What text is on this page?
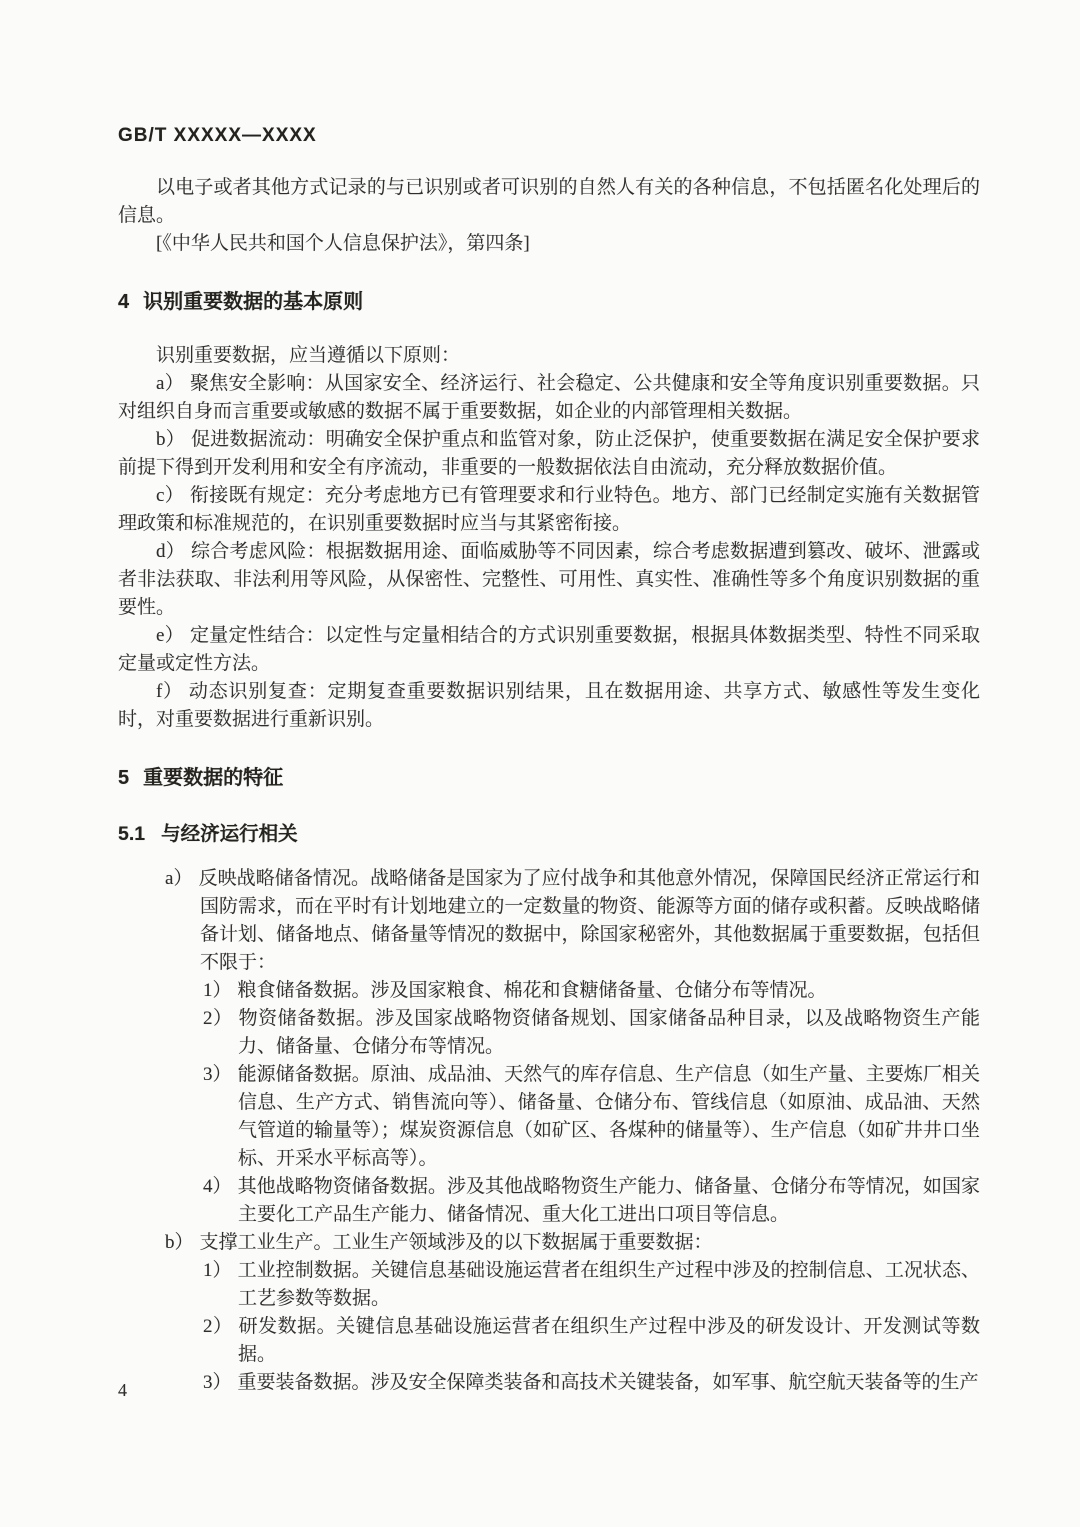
GB/T XXXXX—XXXX

以电子或者其他方式记录的与已识别或者可识别的自然人有关的各种信息，不包括匿名化处理后的信息。

[《中华人民共和国个人信息保护法》，第四条]

4 识别重要数据的基本原则

识别重要数据，应当遵循以下原则：

a） 聚焦安全影响：从国家安全、经济运行、社会稳定、公共健康和安全等角度识别重要数据。只对组织自身而言重要或敏感的数据不属于重要数据，如企业的内部管理相关数据。

b） 促进数据流动：明确安全保护重点和监管对象，防止泛保护，使重要数据在满足安全保护要求前提下得到开发利用和安全有序流动，非重要的一般数据依法自由流动，充分释放数据价值。

c） 衔接既有规定：充分考虑地方已有管理要求和行业特色。地方、部门已经制定实施有关数据管理政策和标准规范的，在识别重要数据时应当与其紧密衔接。

d） 综合考虑风险：根据数据用途、面临威胁等不同因素，综合考虑数据遭到篡改、破坏、泄露或者非法获取、非法利用等风险，从保密性、完整性、可用性、真实性、准确性等多个角度识别数据的重要性。

e） 定量定性结合：以定性与定量相结合的方式识别重要数据，根据具体数据类型、特性不同采取定量或定性方法。

f） 动态识别复查：定期复查重要数据识别结果，且在数据用途、共享方式、敏感性等发生变化时，对重要数据进行重新识别。

5 重要数据的特征
5.1 与经济运行相关
a） 反映战略储备情况。战略储备是国家为了应付战争和其他意外情况，保障国民经济正常运行和国防需求，而在平时有计划地建立的一定数量的物资、能源等方面的储存或积蓄。反映战略储备计划、储备地点、储备量等情况的数据中，除国家秘密外，其他数据属于重要数据，包括但不限于：
1） 粮食储备数据。涉及国家粮食、棉花和食糖储备量、仓储分布等情况。
2） 物资储备数据。涉及国家战略物资储备规划、国家储备品种目录，以及战略物资生产能力、储备量、仓储分布等情况。
3） 能源储备数据。原油、成品油、天然气的库存信息、生产信息（如生产量、主要炼厂相关信息、生产方式、销售流向等）、储备量、仓储分布、管线信息（如原油、成品油、天然气管道的输量等）；煤炭资源信息（如矿区、各煤种的储量等）、生产信息（如矿井井口坐标、开采水平标高等）。
4） 其他战略物资储备数据。涉及其他战略物资生产能力、储备量、仓储分布等情况，如国家主要化工产品生产能力、储备情况、重大化工进出口项目等信息。
b） 支撑工业生产。工业生产领域涉及的以下数据属于重要数据：
1） 工业控制数据。关键信息基础设施运营者在组织生产过程中涉及的控制信息、工况状态、工艺参数等数据。
2） 研发数据。关键信息基础设施运营者在组织生产过程中涉及的研发设计、开发测试等数据。
3） 重要装备数据。涉及安全保障类装备和高技术关键装备，如军事、航空航天装备等的生产
4
